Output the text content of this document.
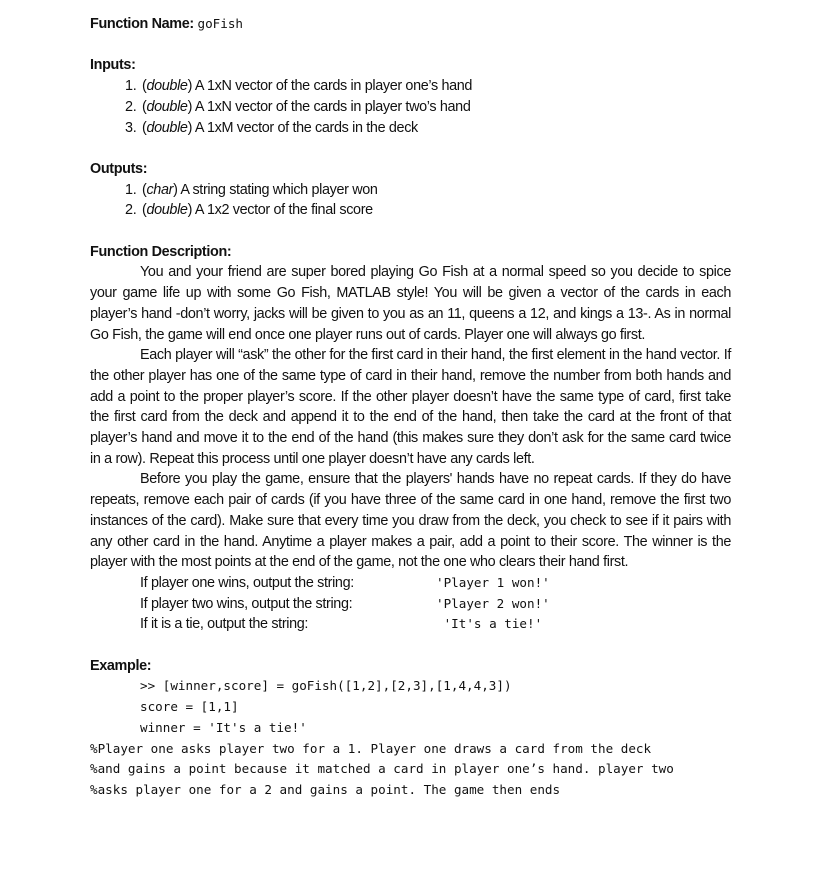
Function Name: goFish
Inputs:
1. (double) A 1xN vector of the cards in player one’s hand
2. (double) A 1xN vector of the cards in player two’s hand
3. (double) A 1xM vector of the cards in the deck
Outputs:
1. (char) A string stating which player won
2. (double) A 1x2 vector of the final score
Function Description:

You and your friend are super bored playing Go Fish at a normal speed so you decide to spice your game life up with some Go Fish, MATLAB style! You will be given a vector of the cards in each player’s hand -don’t worry, jacks will be given to you as an 11, queens a 12, and kings a 13-. As in normal Go Fish, the game will end once one player runs out of cards. Player one will always go first.

Each player will “ask” the other for the first card in their hand, the first element in the hand vector. If the other player has one of the same type of card in their hand, remove the number from both hands and add a point to the proper player’s score. If the other player doesn’t have the same type of card, first take the first card from the deck and append it to the end of the hand, then take the card at the front of that player’s hand and move it to the end of the hand (this makes sure they don’t ask for the same card twice in a row). Repeat this process until one player doesn’t have any cards left.

Before you play the game, ensure that the players' hands have no repeat cards. If they do have repeats, remove each pair of cards (if you have three of the same card in one hand, remove the first two instances of the card). Make sure that every time you draw from the deck, you check to see if it pairs with any other card in the hand. Anytime a player makes a pair, add a point to their score. The winner is the player with the most points at the end of the game, not the one who clears their hand first.

If player one wins, output the string:	'Player 1 won!'
If player two wins, output the string:	'Player 2 won!'
If it is a tie, output the string:	'It's a tie!'
Example:
>> [winner,score] = goFish([1,2],[2,3],[1,4,4,3])
score = [1,1]
winner = 'It's a tie!'
%Player one asks player two for a 1. Player one draws a card from the deck
%and gains a point because it matched a card in player one’s hand. player two
%asks player one for a 2 and gains a point. The game then ends
